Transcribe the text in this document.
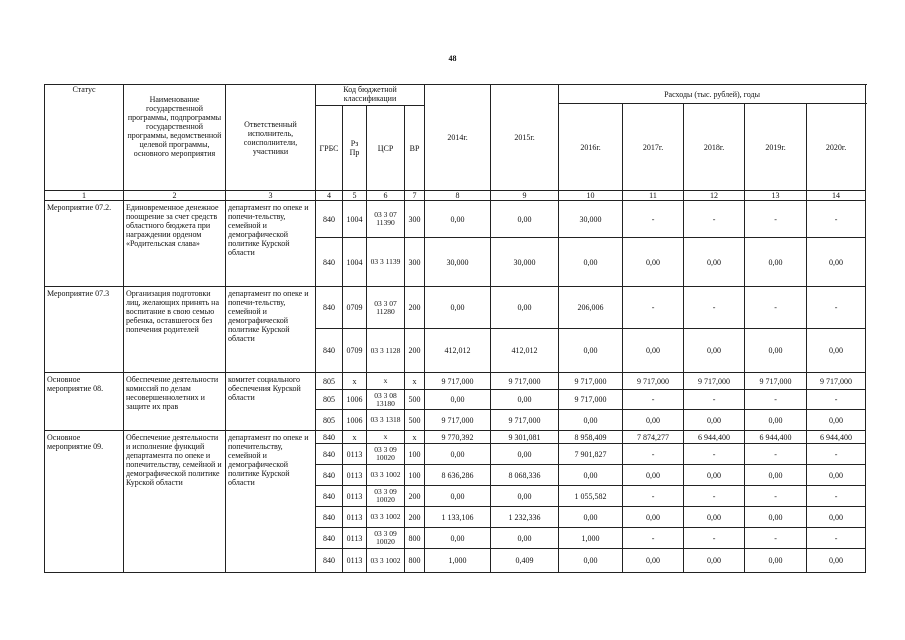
48
Статус	Наименование государственной программы, подпрограммы государственной программы, ведомственной целевой программы, основного мероприятия	Ответственный исполнитель, соисполнители, участники	Код бюджетной классификации				2014г.	2015г.	Расходы (тыс. рублей), годы				
									2016г.	2017г.	2018г.	2019г.	2020г.
			ГРБС	Рз Пр	ЦСР	ВР							
1	2	3	4	5	6	7	8	9	10	11	12	13	14
Мероприятие 07.2.	Единовременное денежное поощрение за счет средств областного бюджета при награждении орденом «Родительская слава»	департамент по опеке и попечи-тельству, семейной и демографической политике Курской области	840	1004	03 3 07 11390	300	0,00	0,00	30,000	-	-	-	-
			840	1004	03 3 1139	300	30,000	30,000	0,00	0,00	0,00	0,00	0,00
Мероприятие 07.3	Организация подготовки лиц, желающих принять на воспитание в свою семью ребенка, оставшегося без попечения родителей	департамент по опеке и попечи-тельству, семейной и демографической политике Курской области	840	0709	03 3 07 11280	200	0,00	0,00	206,006	-	-	-	-
			840	0709	03 3 1128	200	412,012	412,012	0,00	0,00	0,00	0,00	0,00
Основное мероприятие 08.	Обеспечение деятельности комиссий по делам несовершеннолетних и защите их прав	комитет социального обеспечения Курской области	805	x	x	x	9 717,000	9 717,000	9 717,000	9 717,000	9 717,000	9 717,000	9 717,000
			805	1006	03 3 08 13180	500	0,00	0,00	9 717,000	-	-	-	-
			805	1006	03 3 1318	500	9 717,000	9 717,000	0,00	0,00	0,00	0,00	0,00
Основное мероприятие 09.	Обеспечение деятельности и исполнение функций департамента по опеке и попечительству, семейной и демографической политике Курской области	департамент по опеке и попечительству, семейной и демографической политике Курской области	840	x	x	x	9 770,392	9 301,081	8 958,409	7 874,277	6 944,400	6 944,400	6 944,400
			840	0113	03 3 09 10020	100	0,00	0,00	7 901,827	-	-	-	-
			840	0113	03 3 1002	100	8 636,286	8 068,336	0,00	0,00	0,00	0,00	0,00
			840	0113	03 3 09 10020	200	0,00	0,00	1 055,582	-	-	-	-
			840	0113	03 3 1002	200	1 133,106	1 232,336	0,00	0,00	0,00	0,00	0,00
			840	0113	03 3 09 10020	800	0,00	0,00	1,000	-	-	-	-
			840	0113	03 3 1002	800	1,000	0,409	0,00	0,00	0,00	0,00	0,00
